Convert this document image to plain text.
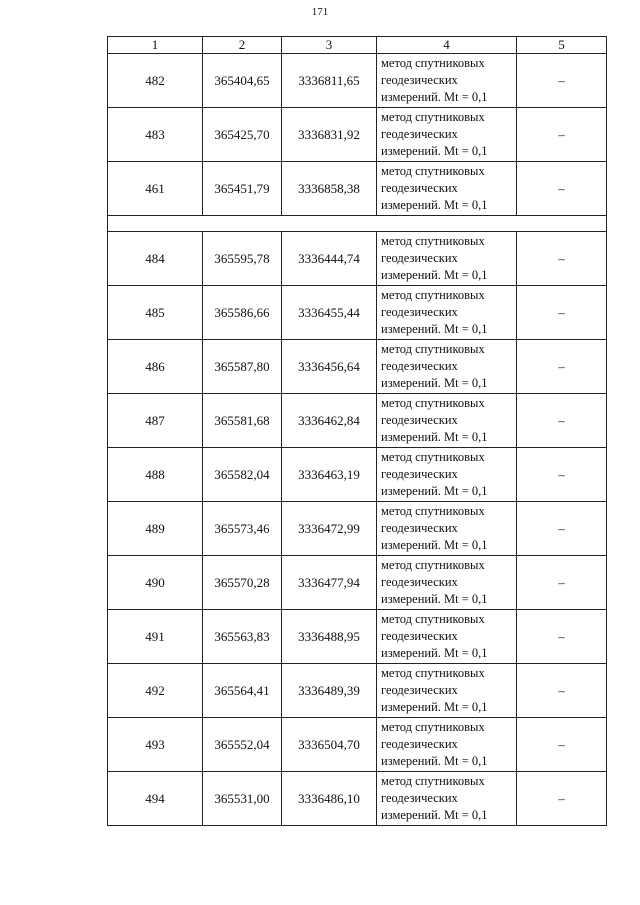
171
1	2	3	4	5
482	365404,65	3336811,65	метод спутниковых
геодезических
измерений. Mt = 0,1	–
483	365425,70	3336831,92	метод спутниковых
геодезических
измерений. Mt = 0,1	–
461	365451,79	3336858,38	метод спутниковых
геодезических
измерений. Mt = 0,1	–

484	365595,78	3336444,74	метод спутниковых
геодезических
измерений. Mt = 0,1	–
485	365586,66	3336455,44	метод спутниковых
геодезических
измерений. Mt = 0,1	–
486	365587,80	3336456,64	метод спутниковых
геодезических
измерений. Mt = 0,1	–
487	365581,68	3336462,84	метод спутниковых
геодезических
измерений. Mt = 0,1	–
488	365582,04	3336463,19	метод спутниковых
геодезических
измерений. Mt = 0,1	–
489	365573,46	3336472,99	метод спутниковых
геодезических
измерений. Mt = 0,1	–
490	365570,28	3336477,94	метод спутниковых
геодезических
измерений. Mt = 0,1	–
491	365563,83	3336488,95	метод спутниковых
геодезических
измерений. Mt = 0,1	–
492	365564,41	3336489,39	метод спутниковых
геодезических
измерений. Mt = 0,1	–
493	365552,04	3336504,70	метод спутниковых
геодезических
измерений. Mt = 0,1	–
494	365531,00	3336486,10	метод спутниковых
геодезических
измерений. Mt = 0,1	–
